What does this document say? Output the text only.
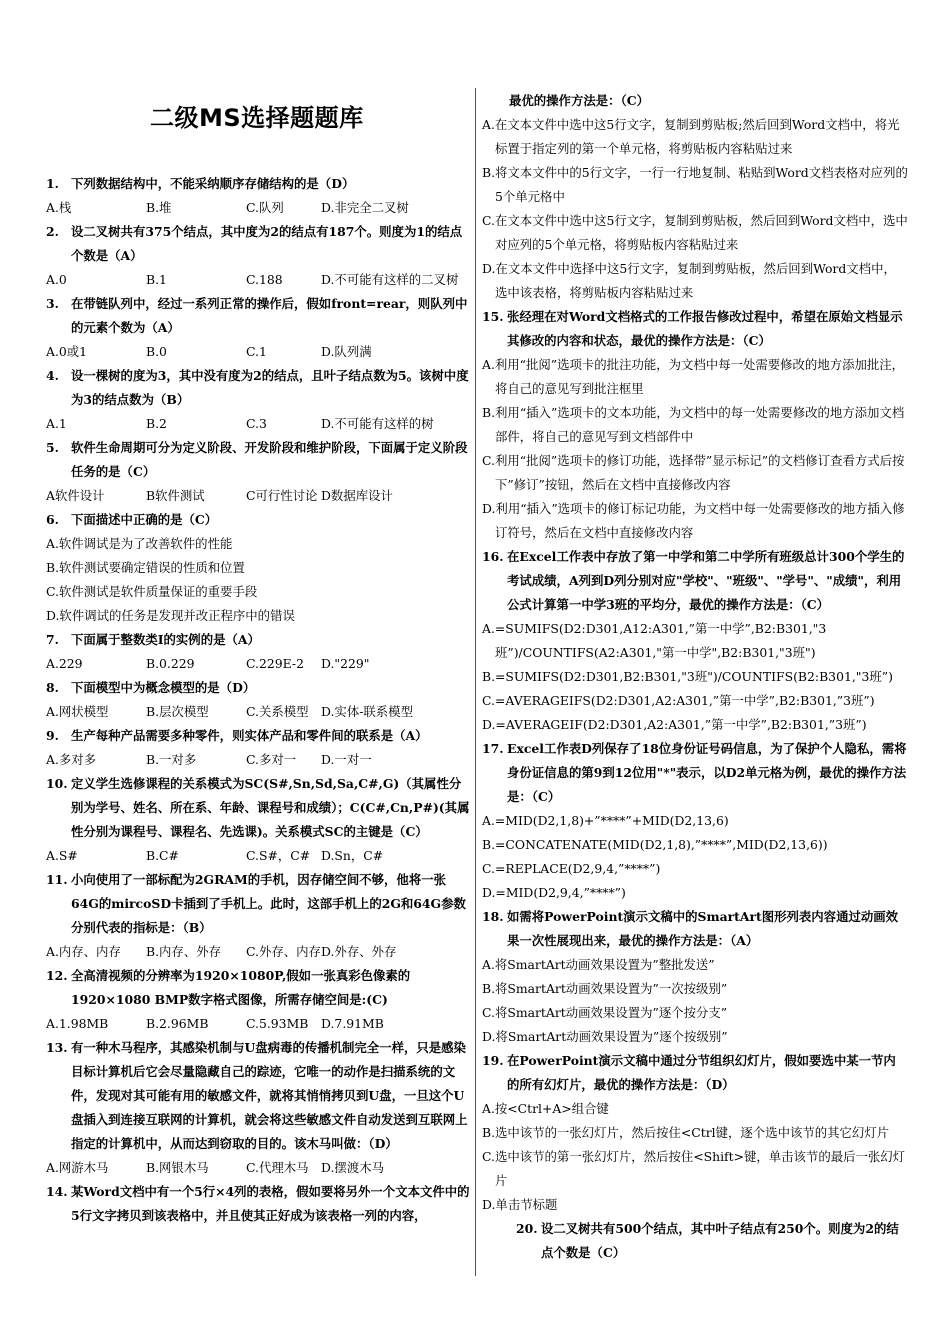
二级MS选择题题库
1. 下列数据结构中，不能采纳顺序存储结构的是（D）
A.栈	B.堆	C.队列	D.非完全二叉树
2. 设二叉树共有375个结点，其中度为2的结点有187个。则度为1的结点个数是（A）
A.0	B.1	C.188	D.不可能有这样的二叉树
3. 在带链队列中，经过一系列正常的操作后，假如front=rear，则队列中的元素个数为（A）
A.0或1	B.0	C.1	D.队列满
4. 设一棵树的度为3，其中没有度为2的结点，且叶子结点数为5。该树中度为3的结点数为（B）
A.1	B.2	C.3	D.不可能有这样的树
5. 软件生命周期可分为定义阶段、开发阶段和维护阶段，下面属于定义阶段任务的是（C）
A软件设计	B软件测试	C可行性讨论 D数据库设计
6. 下面描述中正确的是（C）
A.软件调试是为了改善软件的性能
B.软件测试要确定错误的性质和位置
C.软件测试是软件质量保证的重要手段
D.软件调试的任务是发现并改正程序中的错误
7. 下面属于整数类I的实例的是（A）
A.229	B.0.229	C.229E-2 D."229"
8. 下面模型中为概念模型的是（D）
A.网状模型	B.层次模型	C.关系模型 D.实体-联系模型
9. 生产每种产品需要多种零件，则实体产品和零件间的联系是（A）
A.多对多	B.一对多	C.多对一 D.一对一
10. 定义学生选修课程的关系模式为SC(S#,Sn,Sd,Sa,C#,G)（其属性分别为学号、姓名、所在系、年龄、课程号和成绩）；C(C#,Cn,P#)(其属性分别为课程号、课程名、先选课)。关系模式SC的主键是（C）
A.S#	B.C#	C.S#，C# D.Sn，C#
11. 小向使用了一部标配为2GRAM的手机，因存储空间不够，他将一张64G的mircoSD卡插到了手机上。此时，这部手机上的2G和64G参数分别代表的指标是：（B）
A.内存、内存 B.内存、外存 C.外存、内存 D.外存、外存
12. 全高清视频的分辨率为1920×1080P,假如一张真彩色像素的1920×1080 BMP数字格式图像，所需存储空间是:(C)
A.1.98MB	B.2.96MB	C.5.93MB D.7.91MB
13. 有一种木马程序，其感染机制与U盘病毒的传播机制完全一样，只是感染目标计算机后它会尽量隐藏自己的踪迹，它唯一的动作是扫描系统的文件，发现对其可能有用的敏感文件，就将其悄悄拷贝到U盘，一旦这个U盘插入到连接互联网的计算机，就会将这些敏感文件自动发送到互联网上指定的计算机中，从而达到窃取的目的。该木马叫做：（D）
A.网游木马	B.网银木马	C.代理木马 D.摆渡木马
14. 某Word文档中有一个5行×4列的表格，假如要将另外一个文本文件中的5行文字拷贝到该表格中，并且使其正好成为该表格一列的内容，
最优的操作方法是：（C）
A.在文本文件中选中这5行文字，复制到剪贴板;然后回到Word文档中，将光标置于指定列的第一个单元格，将剪贴板内容粘贴过来
B.将文本文件中的5行文字，一行一行地复制、粘贴到Word文档表格对应列的5个单元格中
C.在文本文件中选中这5行文字，复制到剪贴板，然后回到Word文档中，选中对应列的5个单元格，将剪贴板内容粘贴过来
D.在文本文件中选择中这5行文字，复制到剪贴板，然后回到Word文档中，选中该表格，将剪贴板内容粘贴过来
15. 张经理在对Word文档格式的工作报告修改过程中，希望在原始文档显示其修改的内容和状态，最优的操作方法是：（C）
A.利用“批阅”选项卡的批注功能，为文档中每一处需要修改的地方添加批注，将自己的意见写到批注框里
B.利用“插入”选项卡的文本功能，为文档中的每一处需要修改的地方添加文档部件，将自己的意见写到文档部件中
C.利用“批阅”选项卡的修订功能，选择带”显示标记”的文档修订查看方式后按下”修订”按钮，然后在文档中直接修改内容
D.利用“插入”选项卡的修订标记功能，为文档中每一处需要修改的地方插入修订符号，然后在文档中直接修改内容
16. 在Excel工作表中存放了第一中学和第二中学所有班级总计300个学生的考试成绩，A列到D列分别对应"学校"、"班级"、"学号"、"成绩"，利用公式计算第一中学3班的平均分，最优的操作方法是：（C）
A.=SUMIFS(D2:D301,A12:A301,”第一中学”,B2:B301,"3班”)/COUNTIFS(A2:A301,"第一中学",B2:B301,"3班")
B.=SUMIFS(D2:D301,B2:B301,"3班")/COUNTIFS(B2:B301,"3班”)
C.=AVERAGEIFS(D2:D301,A2:A301,”第一中学”,B2:B301,”3班”)
D.=AVERAGEIF(D2:D301,A2:A301,”第一中学”,B2:B301,”3班”)
17. Excel工作表D列保存了18位身份证号码信息，为了保护个人隐私，需将身份证信息的第9到12位用"*"表示，以D2单元格为例，最优的操作方法是：（C）
A.=MID(D2,1,8)+”****”+MID(D2,13,6)
B.=CONCATENATE(MID(D2,1,8),”****”,MID(D2,13,6))
C.=REPLACE(D2,9,4,”****”)
D.=MID(D2,9,4,”****”)
18. 如需将PowerPoint演示文稿中的SmartArt图形列表内容通过动画效果一次性展现出来，最优的操作方法是：（A）
A.将SmartArt动画效果设置为”整批发送”
B.将SmartArt动画效果设置为”一次按级别”
C.将SmartArt动画效果设置为”逐个按分支”
D.将SmartArt动画效果设置为”逐个按级别”
19. 在PowerPoint演示文稿中通过分节组织幻灯片，假如要选中某一节内的所有幻灯片，最优的操作方法是：（D）
A.按<Ctrl+A>组合键
B.选中该节的一张幻灯片，然后按住<Ctrl键，逐个选中该节的其它幻灯片
C.选中该节的第一张幻灯片，然后按住<Shift>键，单击该节的最后一张幻灯片
D.单击节标题
20. 设二叉树共有500个结点，其中叶子结点有250个。则度为2的结点个数是（C）
